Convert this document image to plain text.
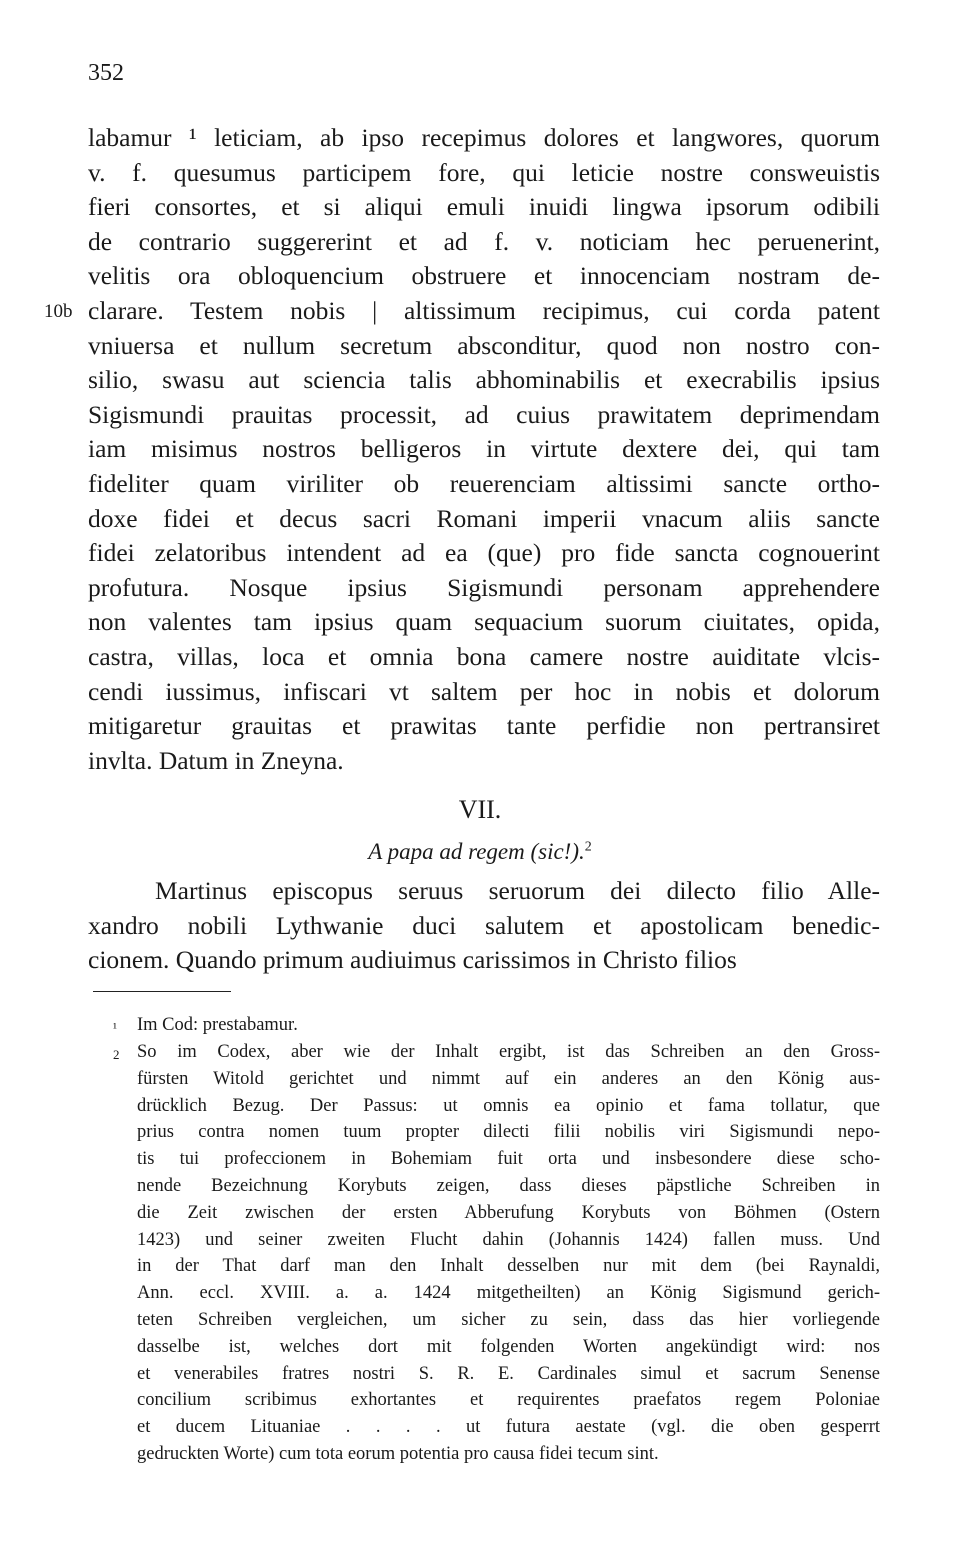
352
10b
labamur ¹ leticiam, ab ipso recepimus dolores et langwores, quorum
v. f. quesumus participem fore, qui leticie nostre consweuistis
fieri consortes, et si aliqui emuli inuidi lingwa ipsorum odibili
de contrario suggererint et ad f. v. noticiam hec peruenerint,
velitis ora obloquencium obstruere et innocenciam nostram de-
clarare. Testem nobis | altissimum recipimus, cui corda patent
vniuersa et nullum secretum absconditur, quod non nostro con-
silio, swasu aut sciencia talis abhominabilis et execrabilis ipsius
Sigismundi prauitas processit, ad cuius prawitatem deprimendam
iam misimus nostros belligeros in virtute dextere dei, qui tam
fideliter quam viriliter ob reuerenciam altissimi sancte ortho-
doxe fidei et decus sacri Romani imperii vnacum aliis sancte
fidei zelatoribus intendent ad ea (que) pro fide sancta cognouerint
profutura. Nosque ipsius Sigismundi personam apprehendere
non valentes tam ipsius quam sequacium suorum ciuitates, opida,
castra, villas, loca et omnia bona camere nostre auiditate vlcis-
cendi iussimus, infiscari vt saltem per hoc in nobis et dolorum
mitigaretur grauitas et prawitas tante perfidie non pertransiret
invlta. Datum in Zneyna.
VII.
A papa ad regem (sic!).$^2$
Martinus episcopus seruus seruorum dei dilecto filio Alle-
xandro nobili Lythwanie duci salutem et apostolicam benedic-
cionem. Quando primum audiuimus carissimos in Christo filios
¹ Im Cod: prestabamur.
2 So im Codex, aber wie der Inhalt ergibt, ist das Schreiben an den Gross-
fürsten Witold gerichtet und nimmt auf ein anderes an den König aus-
drücklich Bezug. Der Passus: ut omnis ea opinio et fama tollatur, que
prius contra nomen tuum propter dilecti filii nobilis viri Sigismundi nepo-
tis tui profeccionem in Bohemiam fuit orta und insbesondere diese scho-
nende Bezeichnung Korybuts zeigen, dass dieses päpstliche Schreiben in
die Zeit zwischen der ersten Abberufung Korybuts von Böhmen (Ostern
1423) und seiner zweiten Flucht dahin (Johannis 1424) fallen muss. Und
in der That darf man den Inhalt desselben nur mit dem (bei Raynaldi,
Ann. eccl. XVIII. a. a. 1424 mitgetheilten) an König Sigismund gerich-
teten Schreiben vergleichen, um sicher zu sein, dass das hier vorliegende
dasselbe ist, welches dort mit folgenden Worten angekündigt wird: nos
et venerabiles fratres nostri S. R. E. Cardinales simul et sacrum Senense
concilium scribimus exhortantes et requirentes praefatos regem Poloniae
et ducem Lituaniae . . . . ut futura aestate (vgl. die oben gesperrt
gedruckten Worte) cum tota eorum potentia pro causa fidei tecum sint.
